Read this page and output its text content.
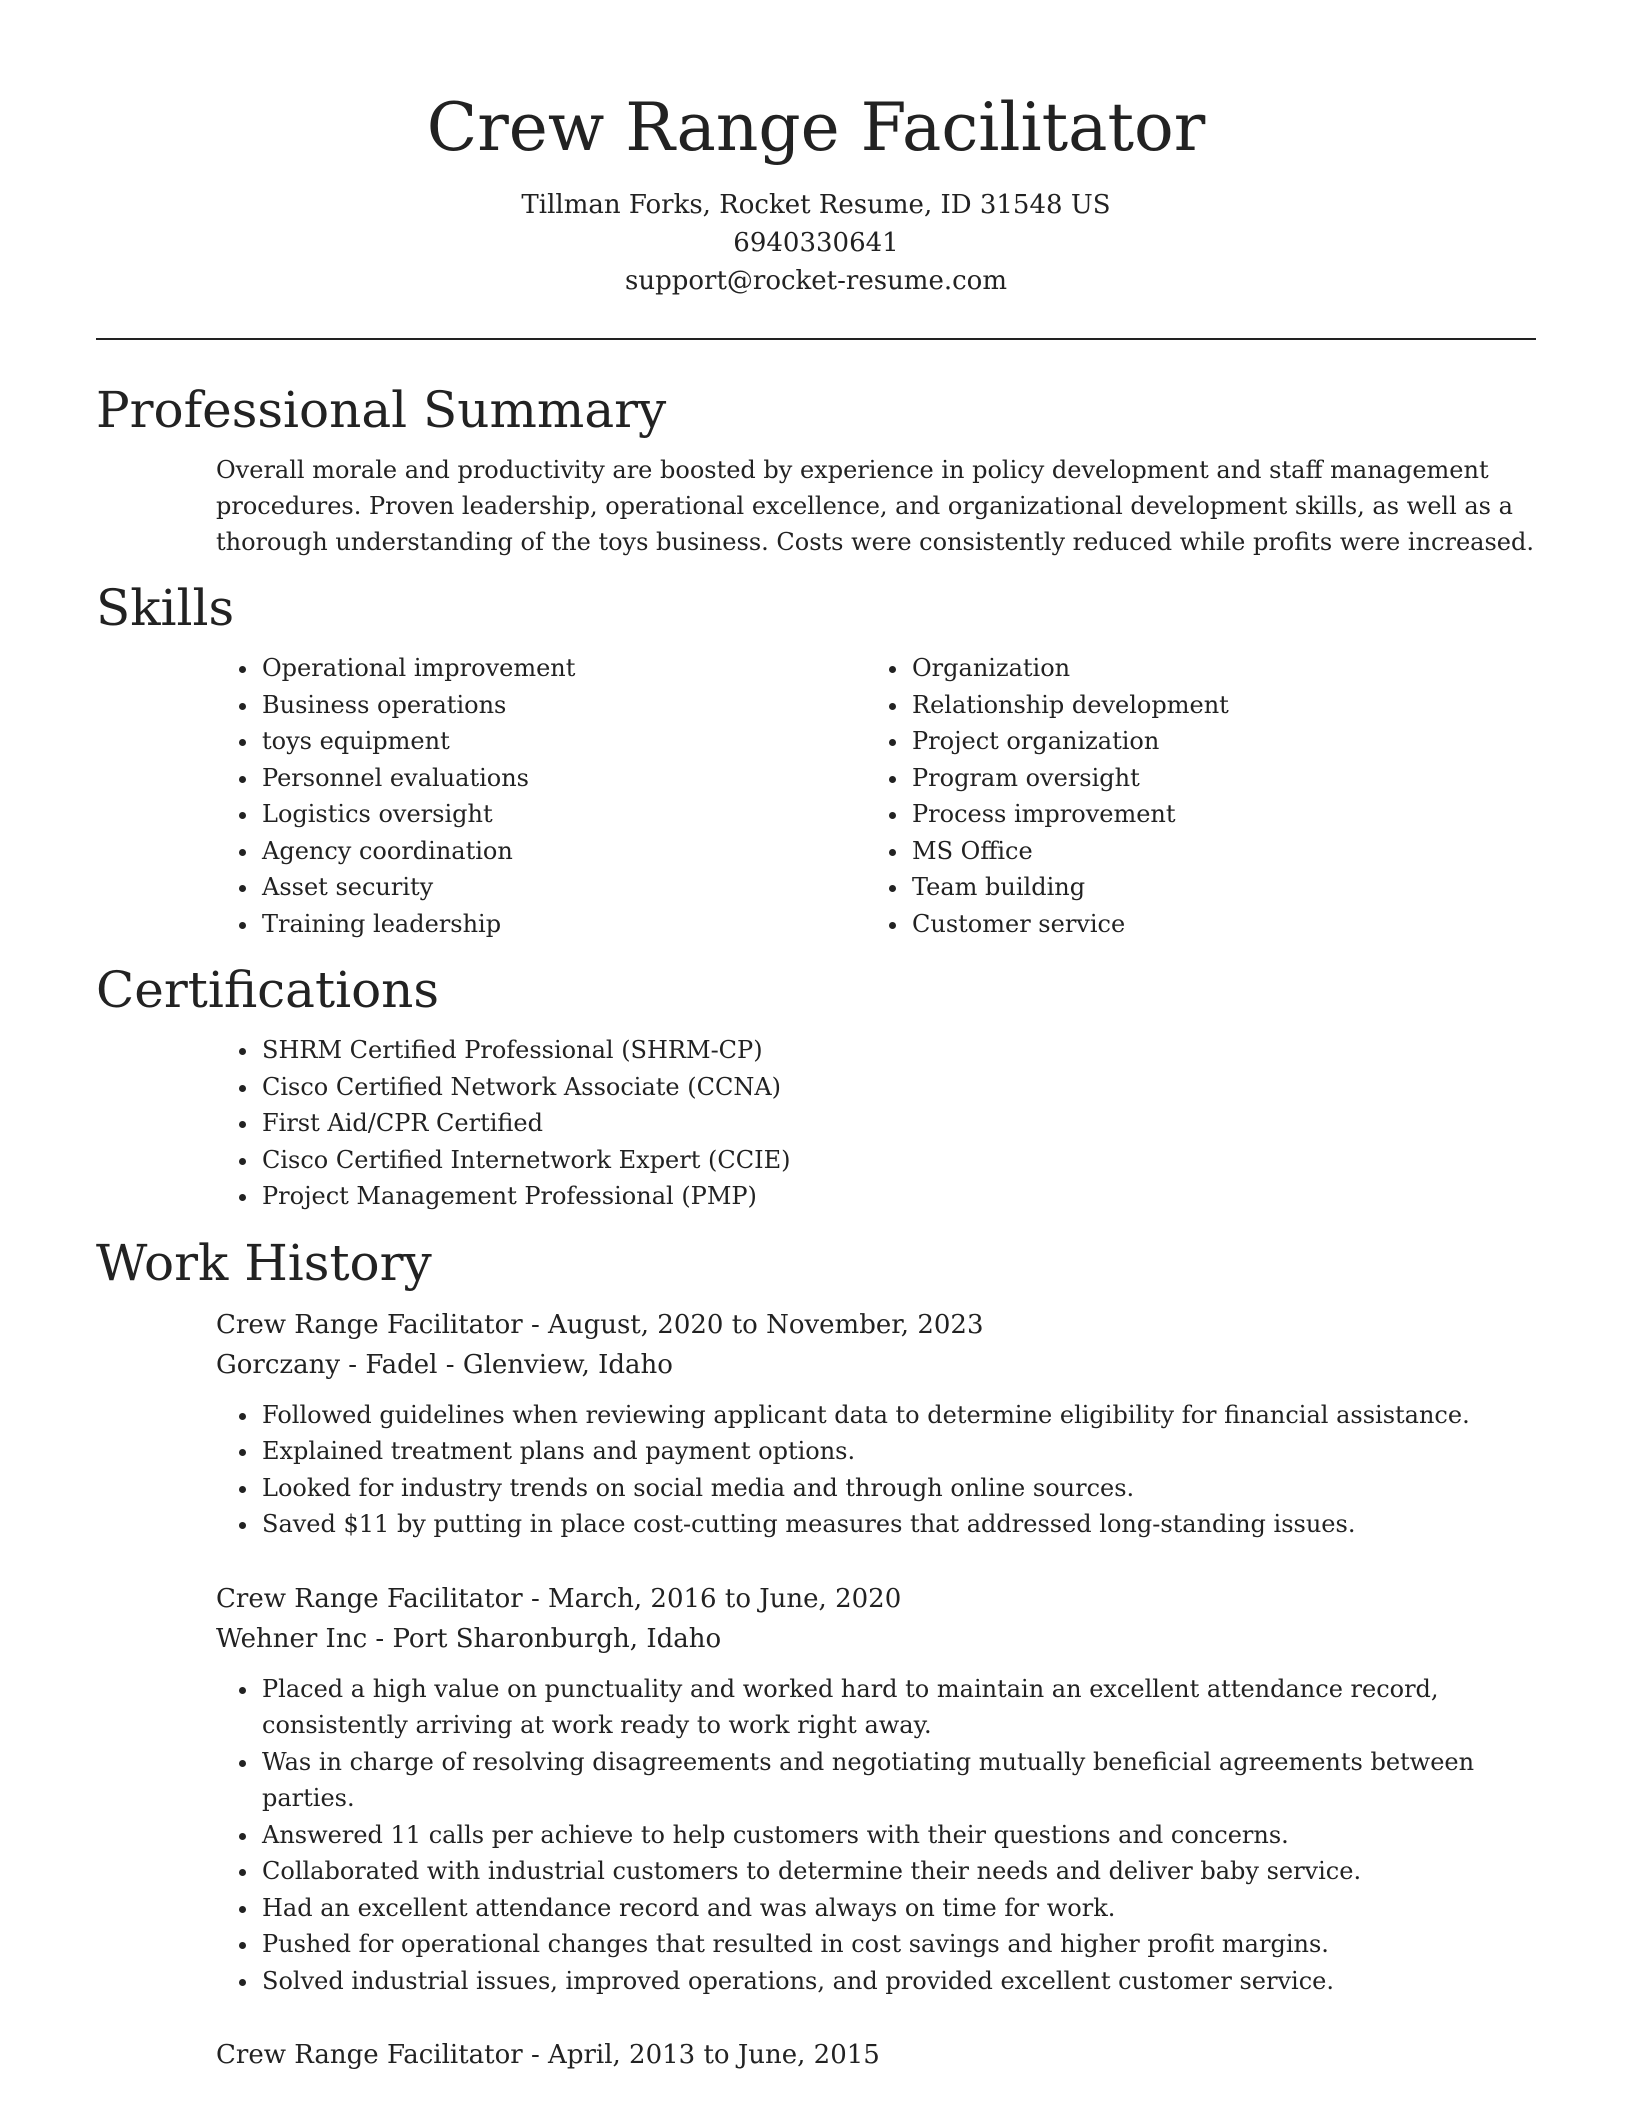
Crew Range Facilitator

Tillman Forks, Rocket Resume, ID 31548 US

6940330641

support@rocket-resume.com

Professional Summary

Overall morale and productivity are boosted by experience in policy development and staff management procedures. Proven leadership, operational excellence, and organizational development skills, as well as a thorough understanding of the toys business. Costs were consistently reduced while profits were increased.

Skills
• Operational improvement
• Business operations
• toys equipment
• Personnel evaluations
• Logistics oversight
• Agency coordination
• Asset security
• Training leadership
• Organization
• Relationship development
• Project organization
• Program oversight
• Process improvement
• MS Office
• Team building
• Customer service
Certifications
• SHRM Certified Professional (SHRM-CP)
• Cisco Certified Network Associate (CCNA)
• First Aid/CPR Certified
• Cisco Certified Internetwork Expert (CCIE)
• Project Management Professional (PMP)
Work History

Crew Range Facilitator - August, 2020 to November, 2023

Gorczany - Fadel - Glenview, Idaho

• Followed guidelines when reviewing applicant data to determine eligibility for financial assistance.
• Explained treatment plans and payment options.
• Looked for industry trends on social media and through online sources.
• Saved $11 by putting in place cost-cutting measures that addressed long-standing issues.

Crew Range Facilitator - March, 2016 to June, 2020

Wehner Inc - Port Sharonburgh, Idaho

• Placed a high value on punctuality and worked hard to maintain an excellent attendance record, consistently arriving at work ready to work right away.
• Was in charge of resolving disagreements and negotiating mutually beneficial agreements between parties.
• Answered 11 calls per achieve to help customers with their questions and concerns.
• Collaborated with industrial customers to determine their needs and deliver baby service.
• Had an excellent attendance record and was always on time for work.
• Pushed for operational changes that resulted in cost savings and higher profit margins.
• Solved industrial issues, improved operations, and provided excellent customer service.

Crew Range Facilitator - April, 2013 to June, 2015
